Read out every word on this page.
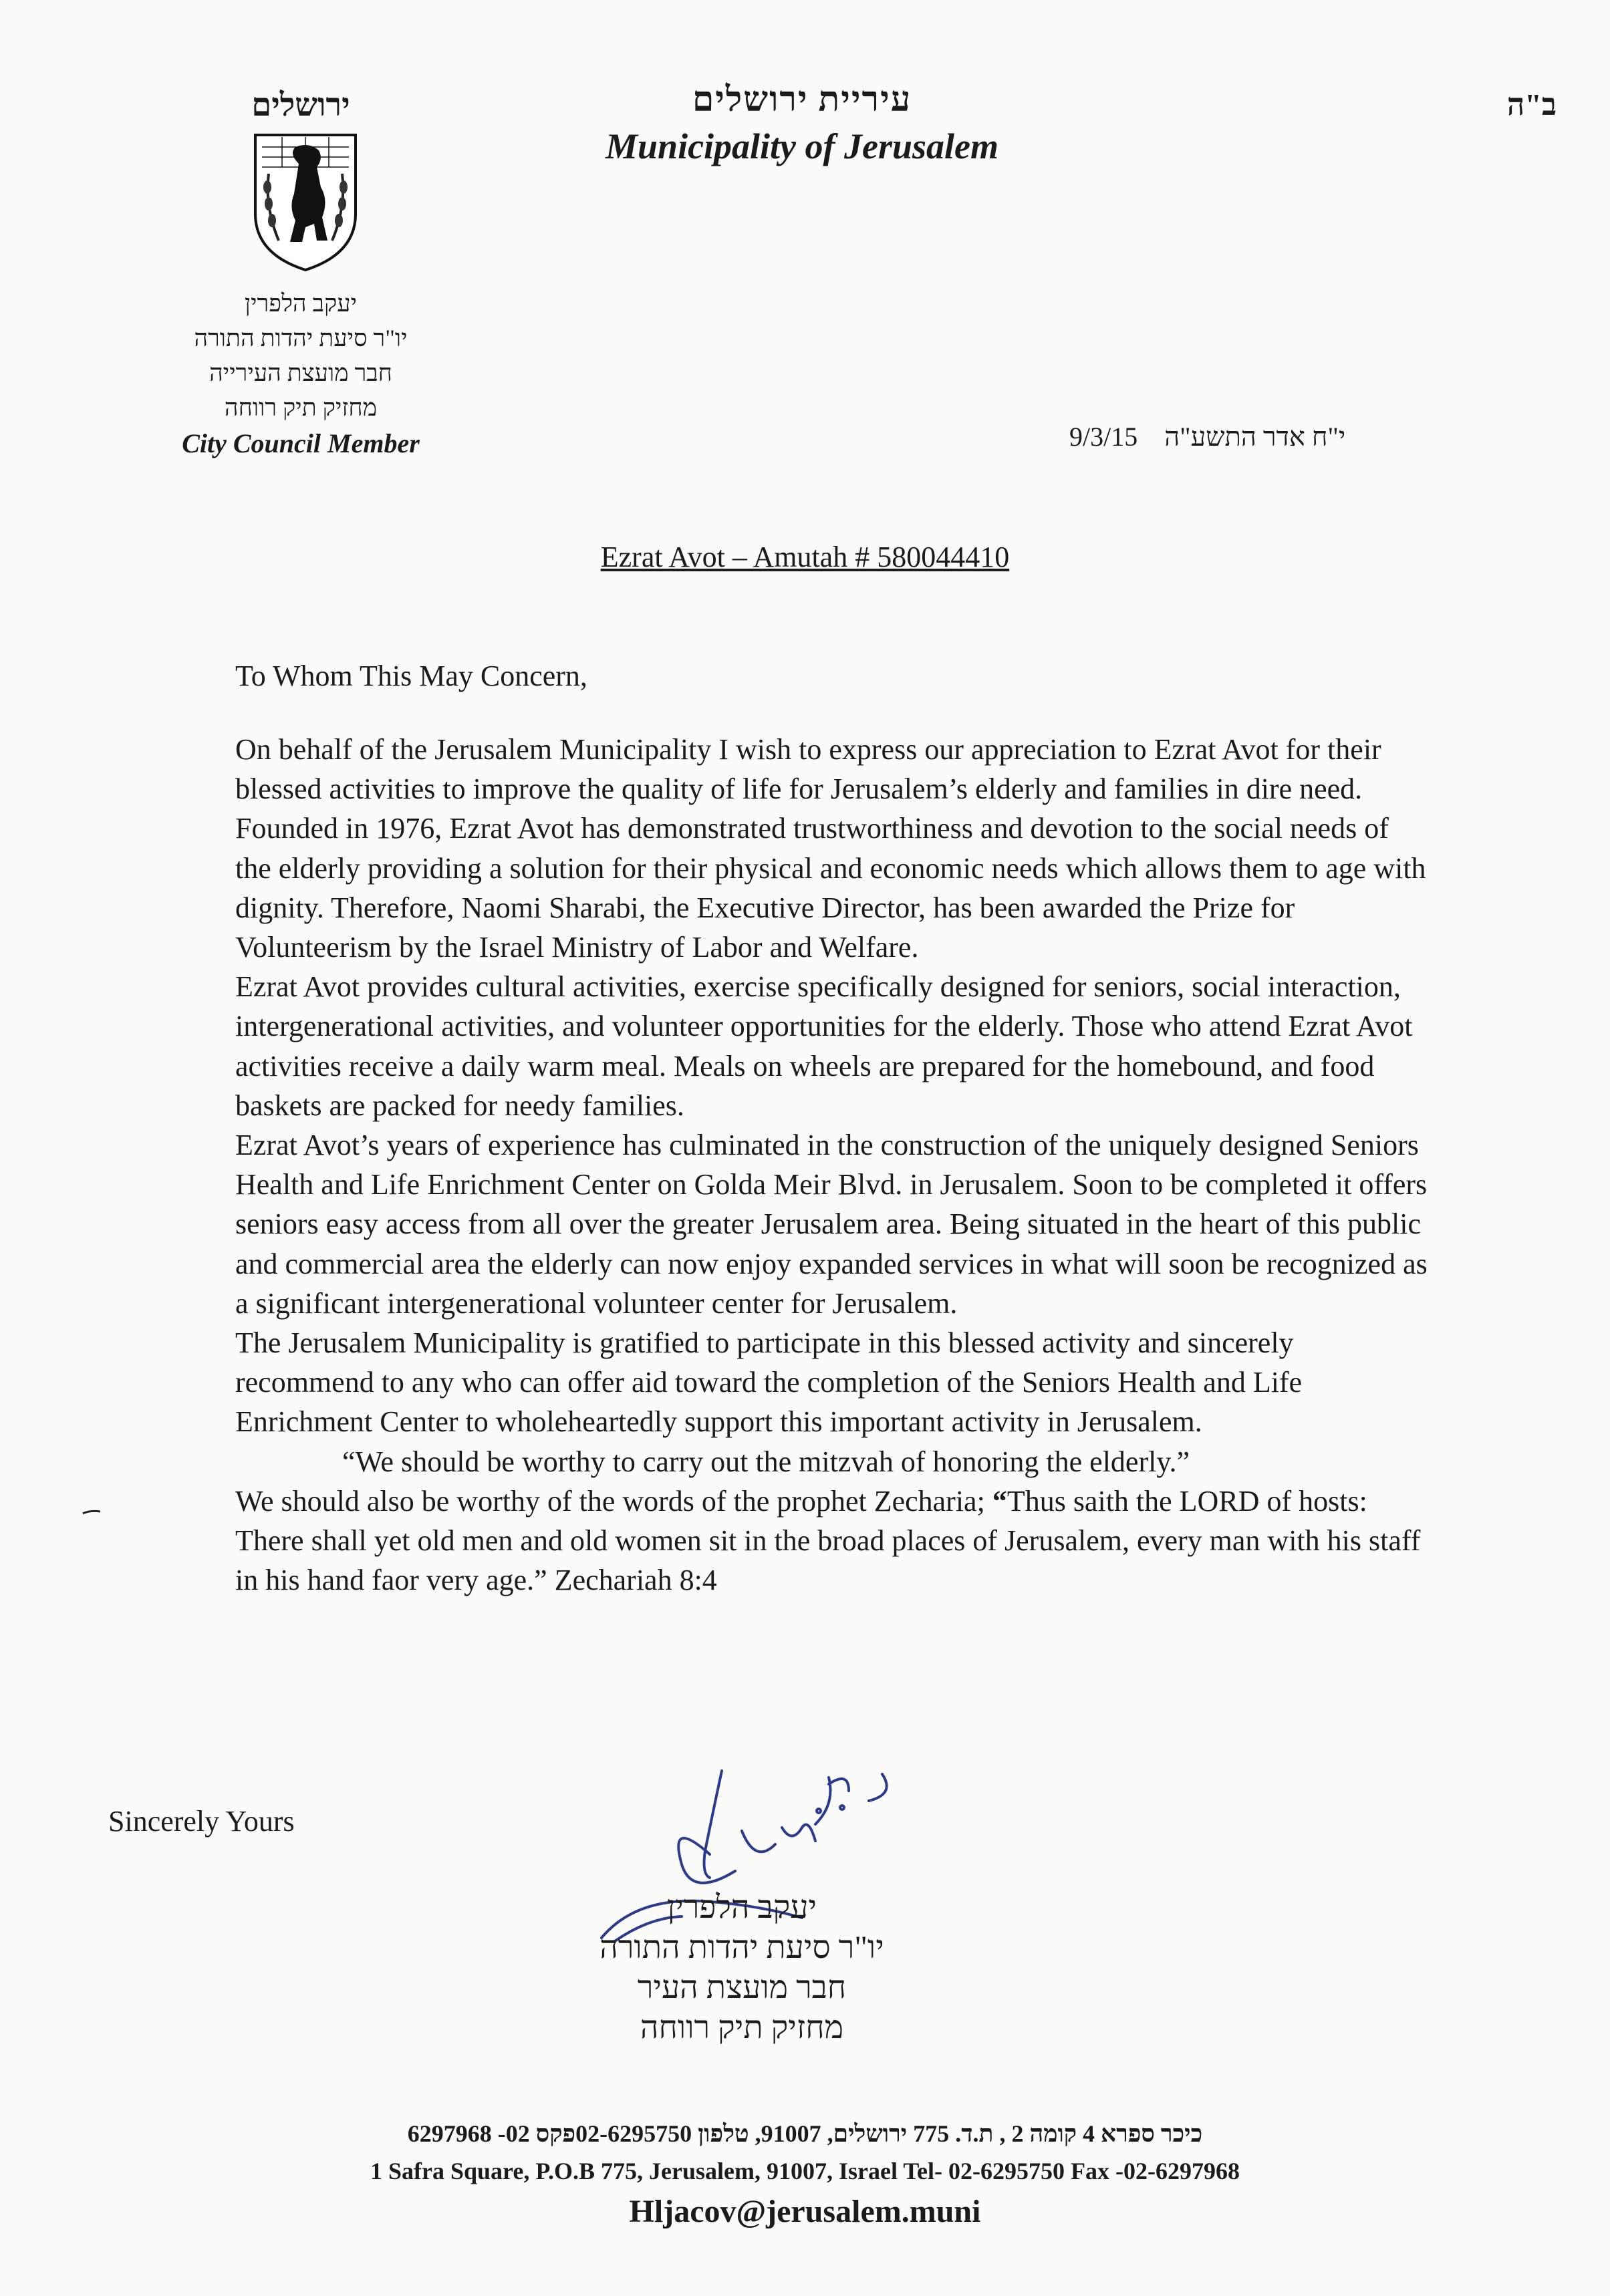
ב"ה
עיריית ירושלים
Municipality of Jerusalem
ירושלים
יעקב הלפרין
יו"ר סיעת יהדות התורה
חבר מועצת העירייה
מחזיק תיק רווחה
City Council Member	9/3/15 י"ח אדר התשע"ה
Ezrat Avot – Amutah # 580044410
To Whom This May Concern,

On behalf of the Jerusalem Municipality I wish to express our appreciation to Ezrat Avot for their blessed activities to improve the quality of life for Jerusalem’s elderly and families in dire need.

Founded in 1976, Ezrat Avot has demonstrated trustworthiness and devotion to the social needs of the elderly providing a solution for their physical and economic needs which allows them to age with dignity. Therefore, Naomi Sharabi, the Executive Director, has been awarded the Prize for Volunteerism by the Israel Ministry of Labor and Welfare.

Ezrat Avot provides cultural activities, exercise specifically designed for seniors, social interaction, intergenerational activities, and volunteer opportunities for the elderly. Those who attend Ezrat Avot activities receive a daily warm meal. Meals on wheels are prepared for the homebound, and food baskets are packed for needy families.

Ezrat Avot’s years of experience has culminated in the construction of the uniquely designed Seniors Health and Life Enrichment Center on Golda Meir Blvd. in Jerusalem. Soon to be completed it offers seniors easy access from all over the greater Jerusalem area. Being situated in the heart of this public and commercial area the elderly can now enjoy expanded services in what will soon be recognized as a significant intergenerational volunteer center for Jerusalem.

The Jerusalem Municipality is gratified to participate in this blessed activity and sincerely recommend to any who can offer aid toward the completion of the Seniors Health and Life Enrichment Center to wholeheartedly support this important activity in Jerusalem.

“We should be worthy to carry out the mitzvah of honoring the elderly.”

We should also be worthy of the words of the prophet Zecharia; “Thus saith the LORD of hosts: There shall yet old men and old women sit in the broad places of Jerusalem, every man with his staff in his hand faor very age.” Zechariah 8:4

Sincerely Yours
יעקב הלפרין
יו"ר סיעת יהדות התורה
חבר מועצת העיר
מחזיק תיק רווחה
כיכר ספרא 4 קומה 2 , ת.ד. 775 ירושלים, 91007, טלפון 02-6295750פקס 02- 6297968
1 Safra Square, P.O.B 775, Jerusalem, 91007, Israel Tel- 02-6295750 Fax -02-6297968
Hljacov@jerusalem.muni
